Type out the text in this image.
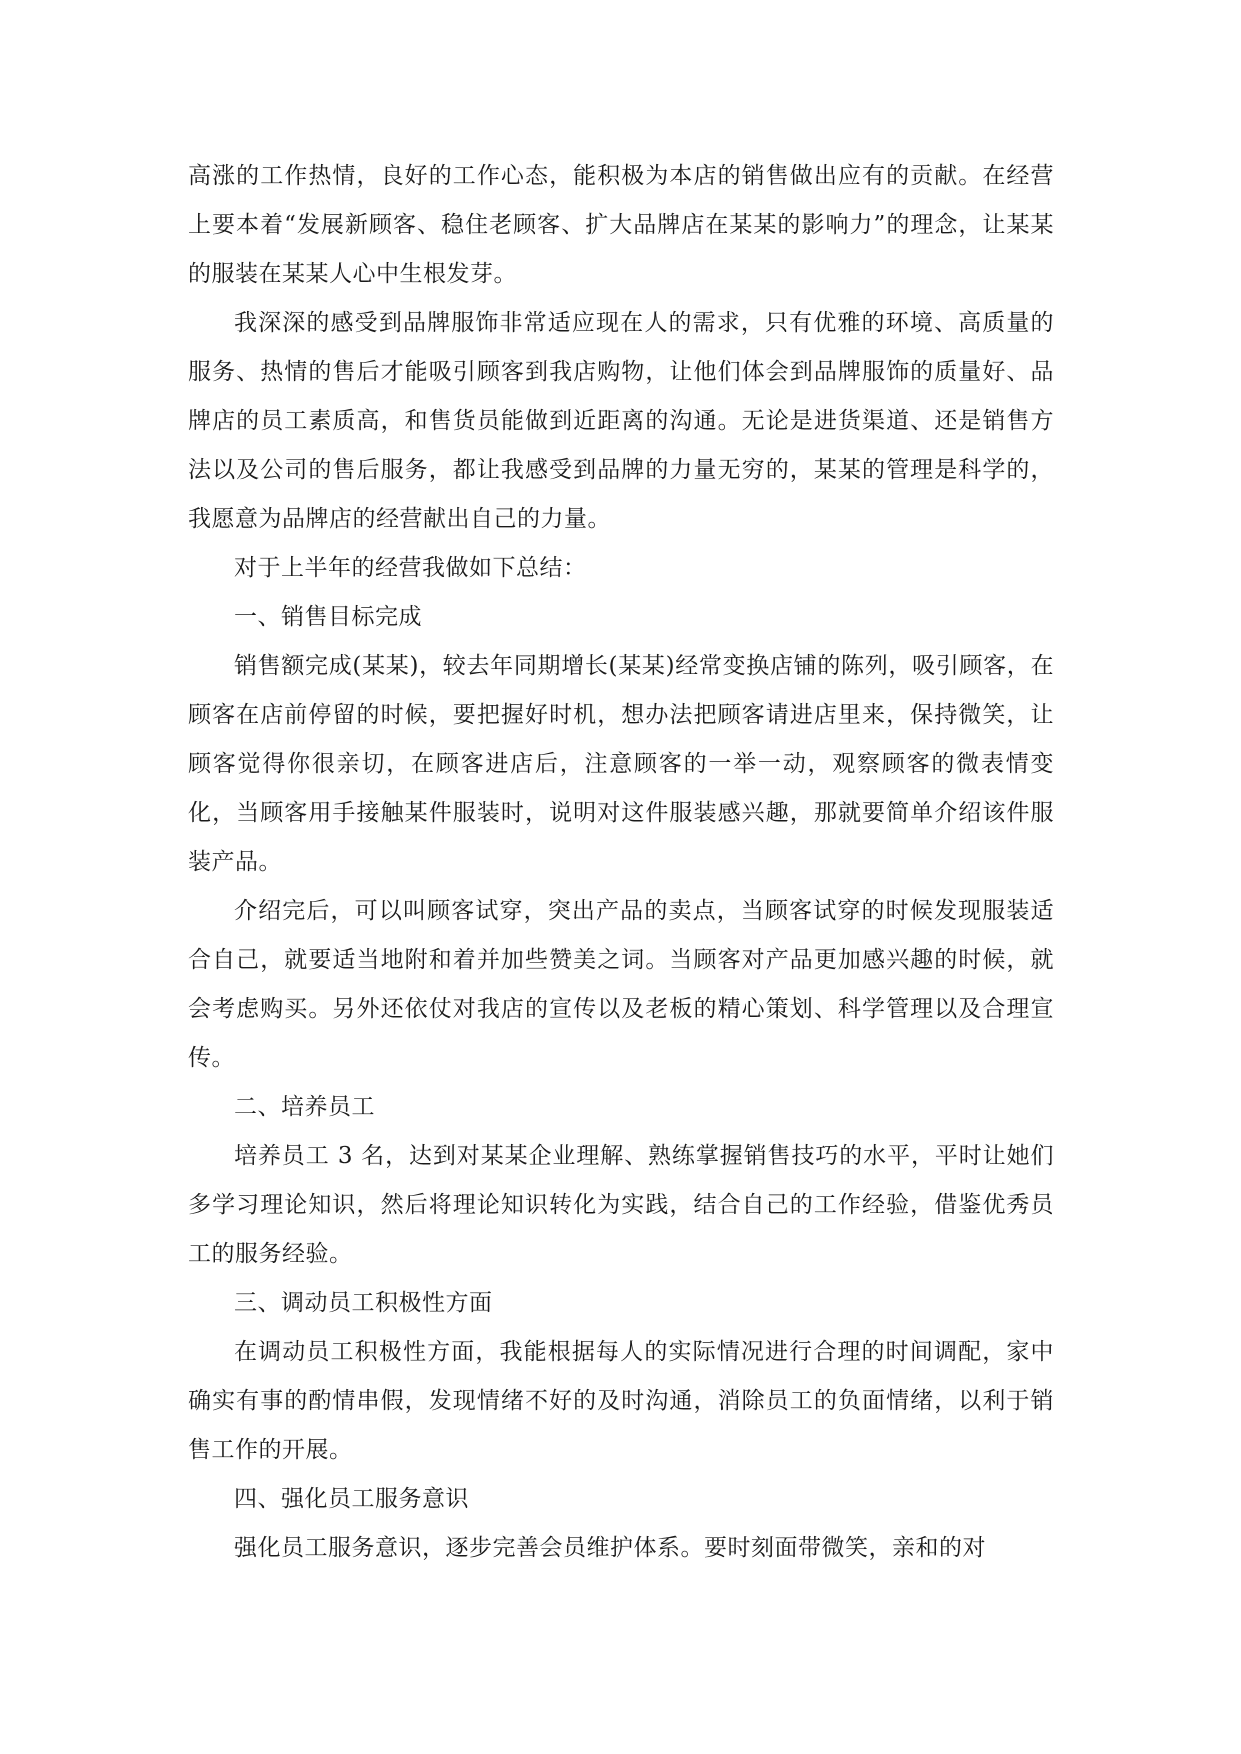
高涨的工作热情，良好的工作心态，能积极为本店的销售做出应有的贡献。在经营上要本着“发展新顾客、稳住老顾客、扩大品牌店在某某的影响力”的理念，让某某的服装在某某人心中生根发芽。

我深深的感受到品牌服饰非常适应现在人的需求，只有优雅的环境、高质量的服务、热情的售后才能吸引顾客到我店购物，让他们体会到品牌服饰的质量好、品牌店的员工素质高，和售货员能做到近距离的沟通。无论是进货渠道、还是销售方法以及公司的售后服务，都让我感受到品牌的力量无穷的，某某的管理是科学的，我愿意为品牌店的经营献出自己的力量。

对于上半年的经营我做如下总结：

一、销售目标完成

销售额完成(某某)，较去年同期增长(某某)经常变换店铺的陈列，吸引顾客，在顾客在店前停留的时候，要把握好时机，想办法把顾客请进店里来，保持微笑，让顾客觉得你很亲切，在顾客进店后，注意顾客的一举一动，观察顾客的微表情变化，当顾客用手接触某件服装时，说明对这件服装感兴趣，那就要简单介绍该件服装产品。

介绍完后，可以叫顾客试穿，突出产品的卖点，当顾客试穿的时候发现服装适合自己，就要适当地附和着并加些赞美之词。当顾客对产品更加感兴趣的时候，就会考虑购买。另外还依仗对我店的宣传以及老板的精心策划、科学管理以及合理宣传。

二、培养员工

培养员工 3 名，达到对某某企业理解、熟练掌握销售技巧的水平，平时让她们多学习理论知识，然后将理论知识转化为实践，结合自己的工作经验，借鉴优秀员工的服务经验。

三、调动员工积极性方面

在调动员工积极性方面，我能根据每人的实际情况进行合理的时间调配，家中确实有事的酌情串假，发现情绪不好的及时沟通，消除员工的负面情绪，以利于销售工作的开展。

四、强化员工服务意识

强化员工服务意识，逐步完善会员维护体系。要时刻面带微笑，亲和的对
